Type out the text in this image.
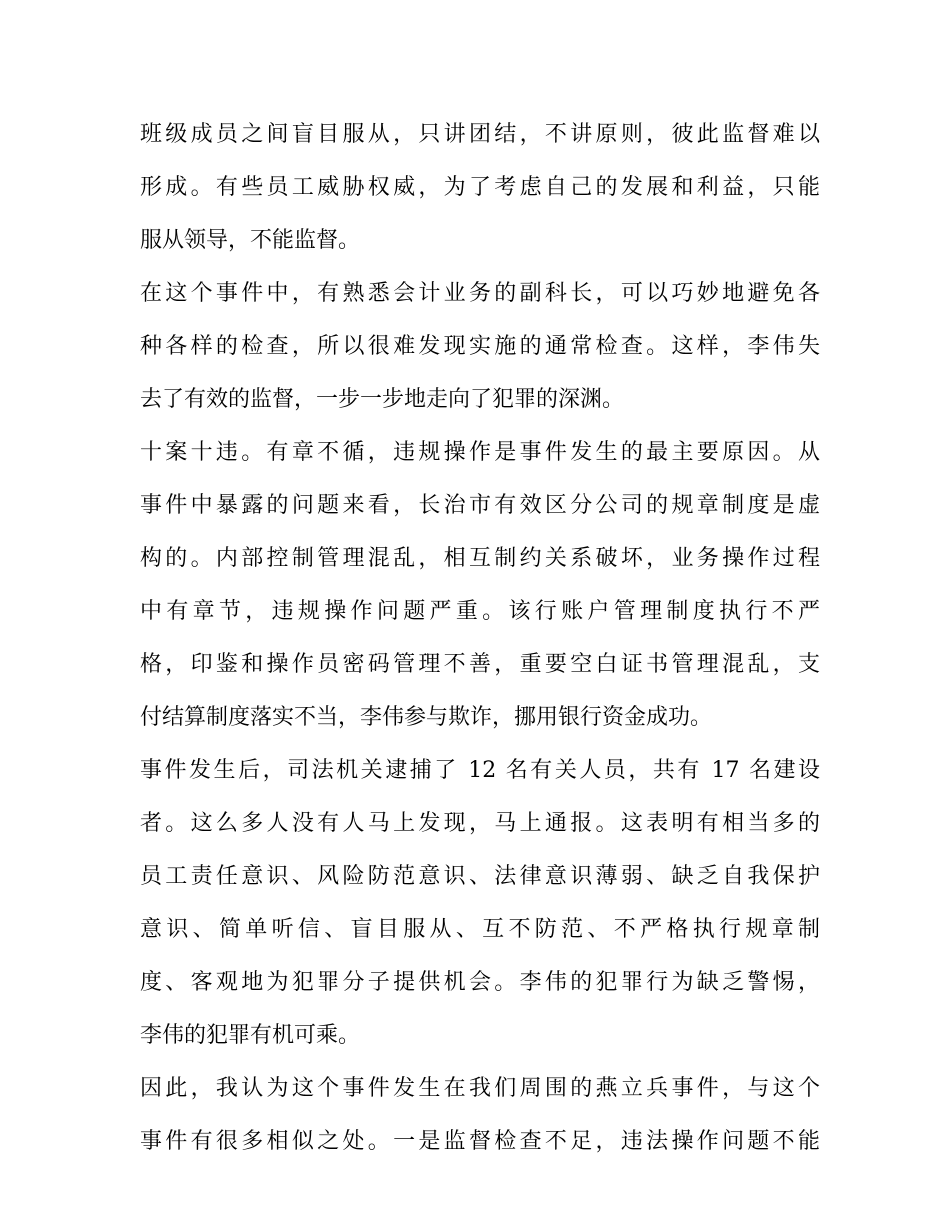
班级成员之间盲目服从，只讲团结，不讲原则，彼此监督难以
形成。有些员工威胁权威，为了考虑自己的发展和利益，只能
服从领导，不能监督。
在这个事件中，有熟悉会计业务的副科长，可以巧妙地避免各
种各样的检查，所以很难发现实施的通常检查。这样，李伟失
去了有效的监督，一步一步地走向了犯罪的深渊。
十案十违。有章不循，违规操作是事件发生的最主要原因。从
事件中暴露的问题来看，长治市有效区分公司的规章制度是虚
构的。内部控制管理混乱，相互制约关系破坏，业务操作过程
中有章节，违规操作问题严重。该行账户管理制度执行不严
格，印鉴和操作员密码管理不善，重要空白证书管理混乱，支
付结算制度落实不当，李伟参与欺诈，挪用银行资金成功。
事件发生后，司法机关逮捕了 12 名有关人员，共有 17 名建设
者。这么多人没有人马上发现，马上通报。这表明有相当多的
员工责任意识、风险防范意识、法律意识薄弱、缺乏自我保护
意识、简单听信、盲目服从、互不防范、不严格执行规章制
度、客观地为犯罪分子提供机会。李伟的犯罪行为缺乏警惕，
李伟的犯罪有机可乘。
因此，我认为这个事件发生在我们周围的燕立兵事件，与这个
事件有很多相似之处。一是监督检查不足，违法操作问题不能
